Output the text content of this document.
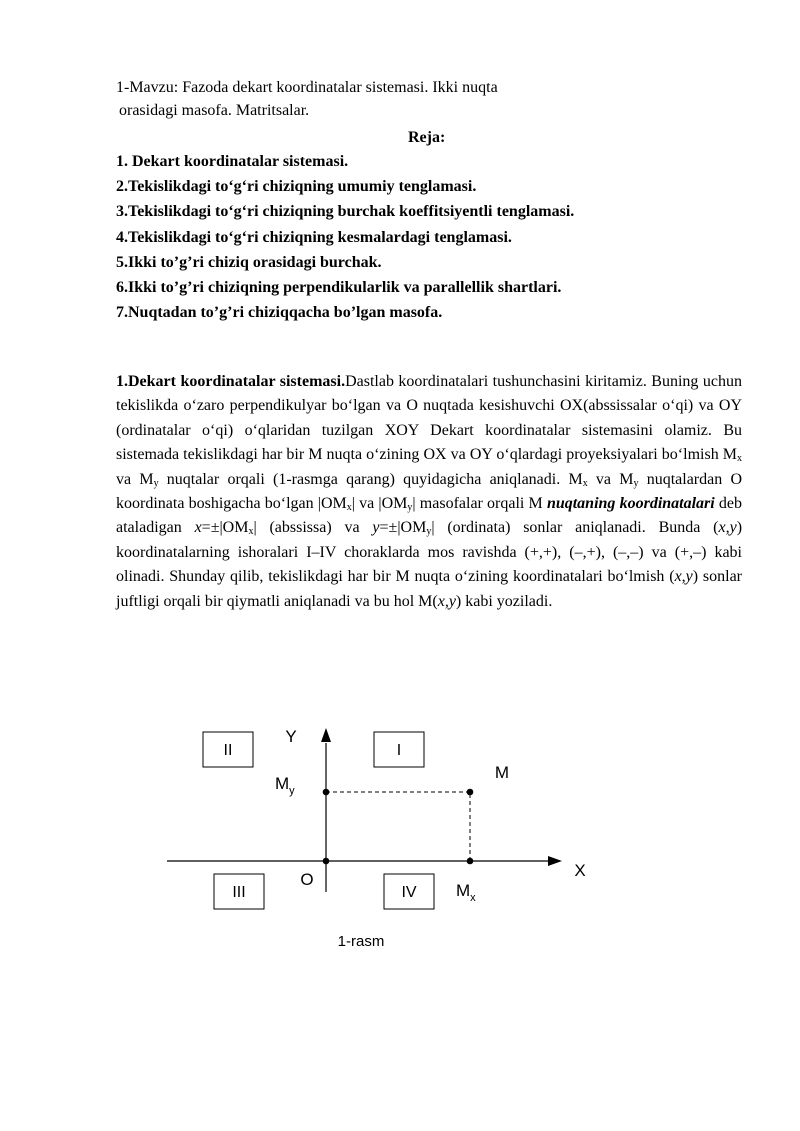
1-Mavzu: Fazoda dekart koordinatalar sistemasi. Ikki nuqta
orasidagi masofa. Matritsalar.
Reja:
1. Dekart koordinatalar sistemasi.
2.Tekislikdagi to‘g‘ri chiziqning umumiy tenglamasi.
3.Tekislikdagi to‘g‘ri chiziqning burchak koeffitsiyentli tenglamasi.
4.Tekislikdagi to‘g‘ri chiziqning kesmalardagi tenglamasi.
5.Ikki to’g’ri chiziq orasidagi burchak.
6.Ikki to’g’ri chiziqning perpendikularlik va parallellik shartlari.
7.Nuqtadan to’g’ri chiziqqacha bo’lgan masofa.
1.Dekart koordinatalar sistemasi.Dastlab koordinatalari tushunchasini kiritamiz. Buning uchun tekislikda o‘zaro perpendikulyar bo‘lgan va O nuqtada kesishuvchi OX(abssissalar o‘qi) va OY (ordinatalar o‘qi) o‘qlaridan tuzilgan XOY Dekart koordinatalar sistemasini olamiz. Bu sistemada tekislikdagi har bir M nuqta o‘zining OX va OY o‘qlardagi proyeksiyalari bo‘lmish $M_x$ va $M_y$ nuqtalar orqali (1-rasmga qarang) quyidagicha aniqlanadi. $M_x$ va $M_y$ nuqtalardan O koordinata boshigacha bo‘lgan $|OM_x|$ va $|OM_y|$ masofalar orqali M nuqtaning koordinatalari deb ataladigan $x=\pm|OM_x|$ (abssissa) va $y=\pm|OM_y|$ (ordinata) sonlar aniqlanadi. Bunda (x,y) koordinatalarning ishoralari I–IV choraklarda mos ravishda (+,+), (–,+), (–,–) va (+,–) kabi olinadi. Shunday qilib, tekislikdagi har bir M nuqta o‘zining koordinatalari bo‘lmish (x,y) sonlar juftligi orqali bir qiymatli aniqlanadi va bu hol M(x,y) kabi yoziladi.
II	I
III	IV
Y
X
O
M
$M_y$
$M_x$
1-rasm
